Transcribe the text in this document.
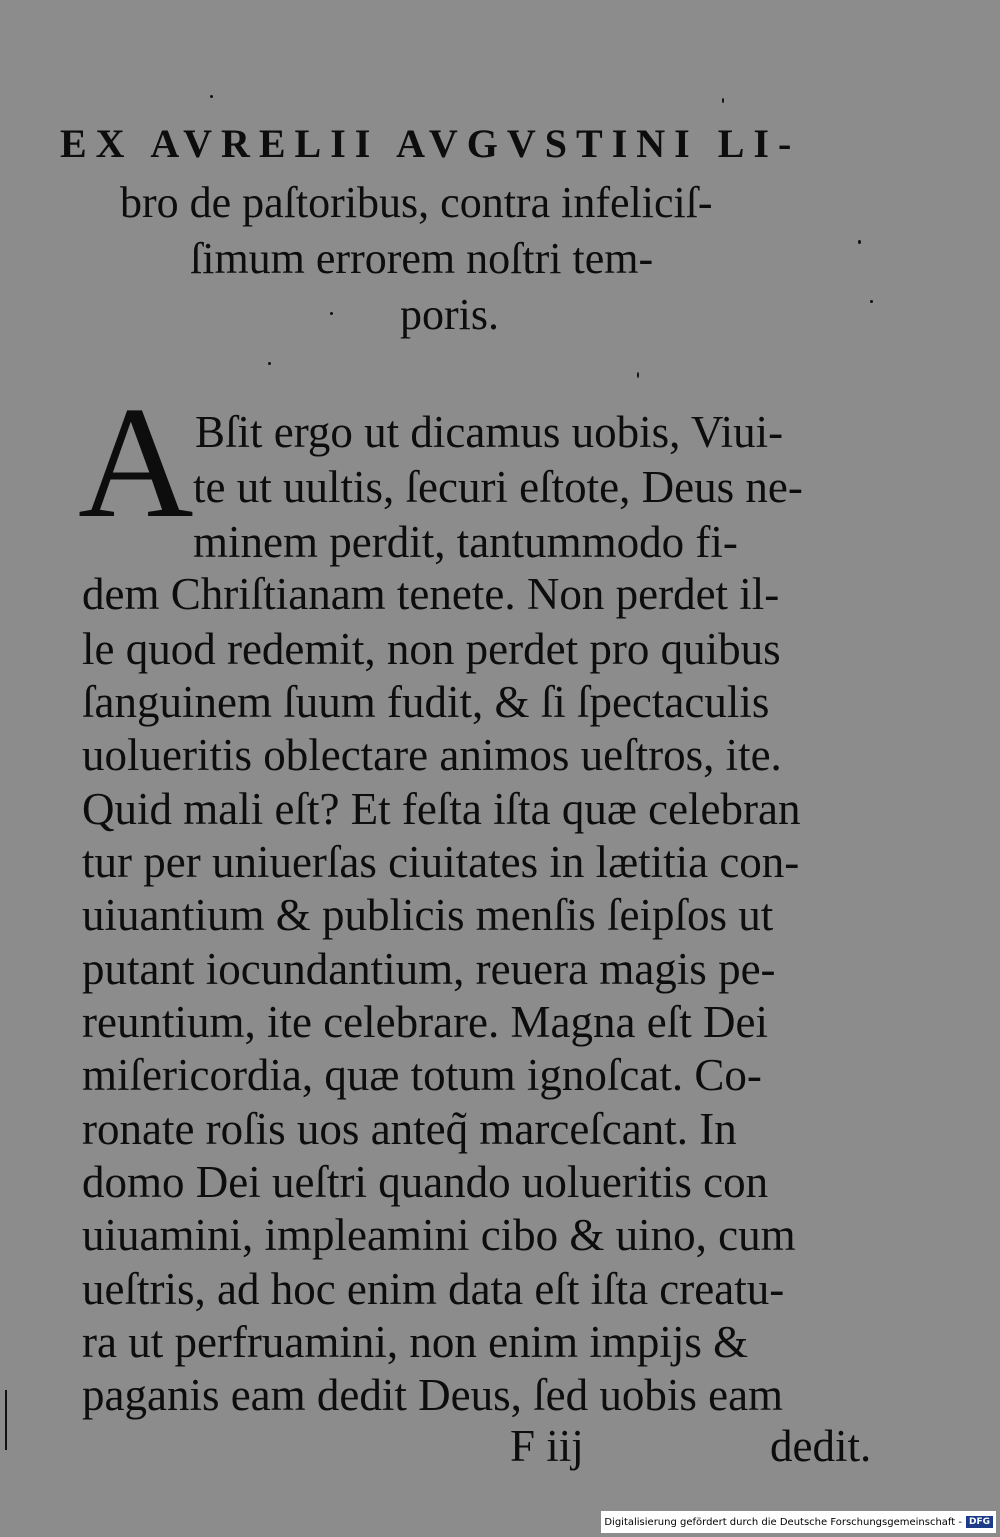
EX AVRELII AVGVSTINI LI-
bro de paſtoribus, contra infeliciſ-
ſimum errorem noſtri tem-
poris.
A Bſit ergo ut dicamus uobis, Viui-
te ut uultis, ſecuri eſtote, Deus ne-
minem perdit, tantummodo fi-
dem Chriſtianam tenete. Non perdet il-
le quod redemit, non perdet pro quibus
ſanguinem ſuum fudit, & ſi ſpectaculis
uolueritis oblectare animos ueſtros, ite.
Quid mali eſt? Et feſta iſta quæ celebran
tur per uniuerſas ciuitates in lætitia con-
uiuantium & publicis menſis ſeipſos ut
putant iocundantium, reuera magis pe-
reuntium, ite celebrare. Magna eſt Dei
miſericordia, quæ totum ignoſcat. Co-
ronate roſis uos anteq̃ marceſcant. In
domo Dei ueſtri quando uolueritis con
uiuamini, impleamini cibo & uino, cum
ueſtris, ad hoc enim data eſt iſta creatu-
ra ut perfruamini, non enim impijs &
paganis eam dedit Deus, ſed uobis eam
F iij	dedit.
Digitalisierung gefördert durch die Deutsche Forschungsgemeinschaft - DFG
